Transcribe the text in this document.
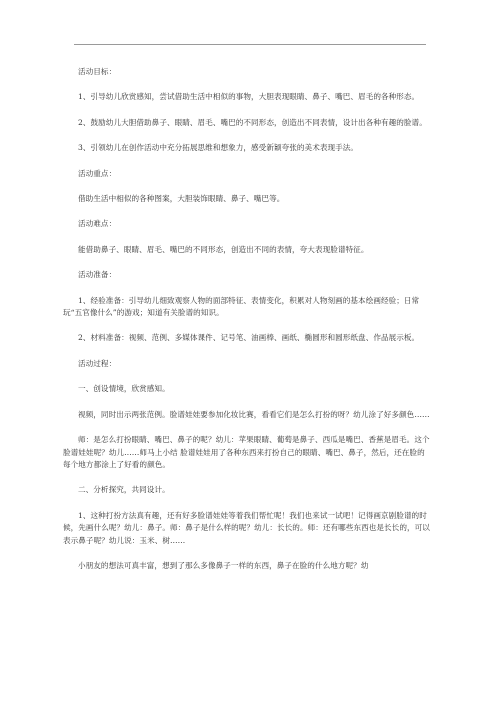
活动目标：

1、引导幼儿欣赏感知，尝试借助生活中相似的事物，大胆表现眼睛、鼻子、嘴巴、眉毛的各种形态。

2、鼓励幼儿大胆借助鼻子、眼睛、眉毛、嘴巴的不同形态，创造出不同表情，设计出各种有趣的脸谱。

3、引领幼儿在创作活动中充分拓展思维和想象力，感受新颖夸张的美术表现手法。

活动重点：

借助生活中相似的各种图案，大胆装饰眼睛、鼻子、嘴巴等。

活动难点：

能借助鼻子、眼睛、眉毛、嘴巴的不同形态，创造出不同的表情，夸大表现脸谱特征。

活动准备：

1、经验准备：引导幼儿细致观察人物的面部特征、表情变化，积累对人物刻画的基本绘画经验；日常玩“五官像什么”的游戏；知道有关脸谱的知识。

2、材料准备：视频、范例、多媒体课件、记号笔、油画棒、画纸、椭圆形和圆形纸盘、作品展示板。

活动过程：

一、创设情境，欣赏感知。

视频，同时出示两张范例。脸谱娃娃要参加化妆比赛，看看它们是怎么打扮的呀？幼儿涂了好多颜色……

师：是怎么打扮眼睛、嘴巴、鼻子的呢？幼儿：苹果眼睛、葡萄是鼻子、西瓜是嘴巴、香蕉是眉毛。这个脸谱娃娃呢？幼儿……师马上小结 脸谱娃娃用了各种东西来打扮自己的眼睛、嘴巴、鼻子，然后，还在脸的每个地方都涂上了好看的颜色。

二、分析探究，共同设计。

1、这种打扮方法真有趣，还有好多脸谱娃娃等着我们帮忙呢！我们也来试一试吧！记得画京剧脸谱的时候，先画什么呢？幼儿：鼻子。师：鼻子是什么样的呢？幼儿：长长的。师：还有哪些东西也是长长的，可以表示鼻子呢？幼儿说：玉米、树……

小朋友的想法可真丰富，想到了那么多像鼻子一样的东西，鼻子在脸的什么地方呢？幼
